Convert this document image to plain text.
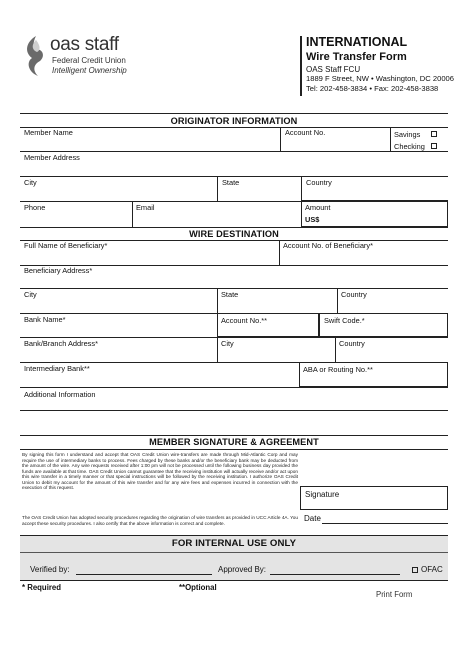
oas staff
Federal Credit Union
Intelligent Ownership
INTERNATIONAL
Wire Transfer Form
OAS Staff FCU
1889 F Street, NW • Washington, DC 20006
Tel: 202-458-3834 • Fax: 202-458-3838
ORIGINATOR INFORMATION
Member Name	Account No.	Savings
Checking
Member Address
City	State	Country
Phone	Email	Amount
US$
WIRE DESTINATION
Full Name of Beneficiary*	Account No. of Beneficiary*
Beneficiary Address*
City	State	Country
Bank Name*	Account No.**	Swift Code.*
Bank/Branch Address*	City	Country
Intermediary Bank**	ABA or Routing No.**
Additional Information
MEMBER SIGNATURE & AGREEMENT
By signing this form I understand and accept that OAS Credit Union wire-transfers are made through Mid-Atlantic Corp and may require the use of intermediary banks to process. Fees charged by these banks and/or the beneficiary bank may be deducted from the amount of the wire. Any wire requests received after 1:00 pm will not be processed until the following business day provided the funds are available at that time. OAS Credit Union cannot guarantee that the receiving institution will actually receive and/or act upon this wire transfer in a timely manner or that special instructions will be followed by the receiving institution. I authorize OAS Credit Union to debit my account for the amount of this wire transfer and for any wire fees and expenses incurred in connection with the execution of this request.
The OAS Credit Union has adopted security procedures regarding the origination of wire transfers as provided in UCC Article 4A. You accept these security procedures. I also certify that the above information is correct and complete.
Signature
Date
FOR INTERNAL USE ONLY
Verified by:	Approved By:	OFAC
* Required	**Optional
Print Form
